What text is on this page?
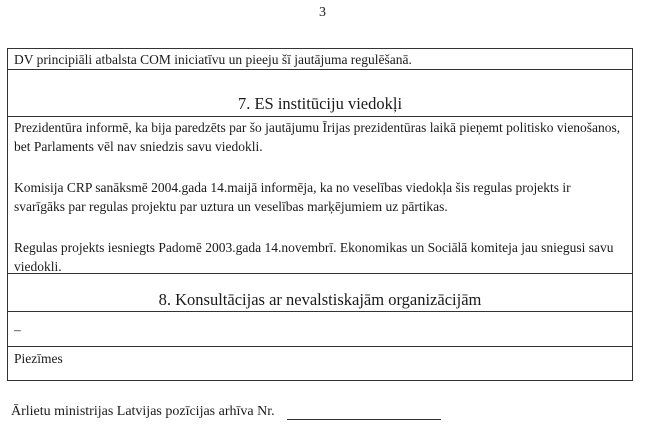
3
DV principiāli atbalsta COM iniciatīvu un pieeju šī jautājuma regulēšanā.
7. ES institūciju viedokļi
Prezidentūra informē, ka bija paredzēts par šo jautājumu Īrijas prezidentūras laikā pieņemt politisko vienošanos, bet Parlaments vēl nav sniedzis savu viedokli.
Komisija CRP sanāksmē 2004.gada 14.maijā informēja, ka no veselības viedokļa šis regulas projekts ir svarīgāks par regulas projektu par uztura un veselības marķējumiem uz pārtikas.
Regulas projekts iesniegts Padomē 2003.gada 14.novembrī. Ekonomikas un Sociālā komiteja jau sniegusi savu viedokli.
8. Konsultācijas ar nevalstiskajām organizācijām
–
Piezīmes
Ārlietu ministrijas Latvijas pozīcijas arhīva Nr.
